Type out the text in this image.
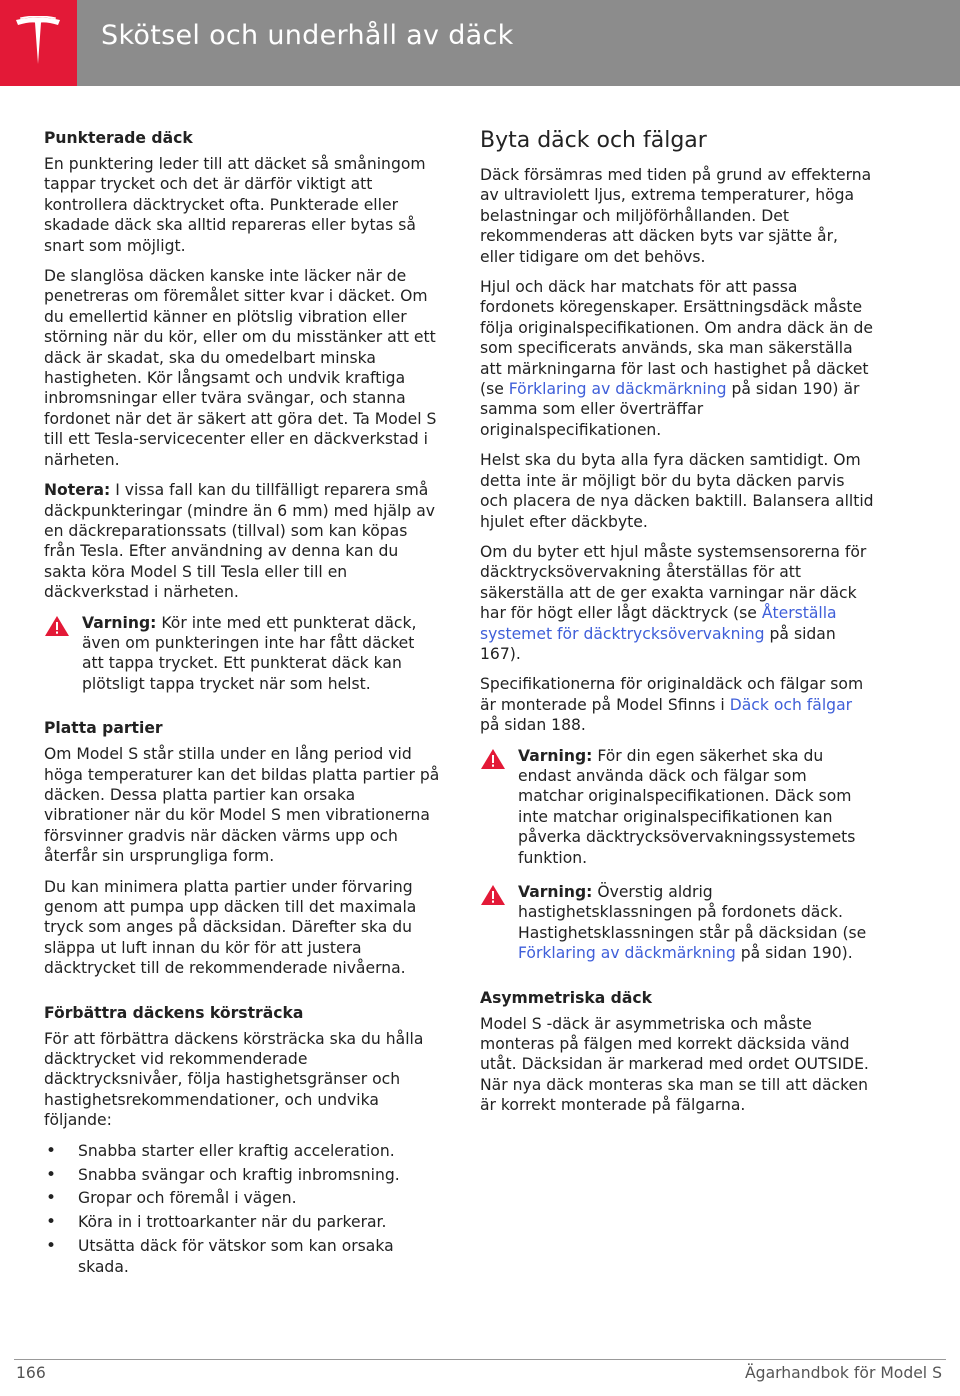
Skötsel och underhåll av däck
Punkterade däck

En punktering leder till att däcket så småningom tappar trycket och det är därför viktigt att kontrollera däcktrycket ofta. Punkterade eller skadade däck ska alltid repareras eller bytas så snart som möjligt.

De slanglösa däcken kanske inte läcker när de penetreras om föremålet sitter kvar i däcket. Om du emellertid känner en plötslig vibration eller störning när du kör, eller om du misstänker att ett däck är skadat, ska du omedelbart minska hastigheten. Kör långsamt och undvik kraftiga inbromsningar eller tvära svängar, och stanna fordonet när det är säkert att göra det. Ta Model S till ett Tesla-servicecenter eller en däckverkstad i närheten.

Notera: I vissa fall kan du tillfälligt reparera små däckpunkteringar (mindre än 6 mm) med hjälp av en däckreparationssats (tillval) som kan köpas från Tesla. Efter användning av denna kan du sakta köra Model S till Tesla eller till en däckverkstad i närheten.

Varning: Kör inte med ett punkterat däck, även om punkteringen inte har fått däcket att tappa trycket. Ett punkterat däck kan plötsligt tappa trycket när som helst.
Platta partier

Om Model S står stilla under en lång period vid höga temperaturer kan det bildas platta partier på däcken. Dessa platta partier kan orsaka vibrationer när du kör Model S men vibrationerna försvinner gradvis när däcken värms upp och återfår sin ursprungliga form.

Du kan minimera platta partier under förvaring genom att pumpa upp däcken till det maximala tryck som anges på däcksidan. Därefter ska du släppa ut luft innan du kör för att justera däcktrycket till de rekommenderade nivåerna.

Förbättra däckens körsträcka

För att förbättra däckens körsträcka ska du hålla däcktrycket vid rekommenderade däcktrycksnivåer, följa hastighetsgränser och hastighetsrekommendationer, och undvika följande:

• Snabba starter eller kraftig acceleration.
• Snabba svängar och kraftig inbromsning.
• Gropar och föremål i vägen.
• Köra in i trottoarkanter när du parkerar.
• Utsätta däck för vätskor som kan orsaka skada.
Byta däck och fälgar

Däck försämras med tiden på grund av effekterna av ultraviolett ljus, extrema temperaturer, höga belastningar och miljöförhållanden. Det rekommenderas att däcken byts var sjätte år, eller tidigare om det behövs.

Hjul och däck har matchats för att passa fordonets köregenskaper. Ersättningsdäck måste följa originalspecifikationen. Om andra däck än de som specificerats används, ska man säkerställa att märkningarna för last och hastighet på däcket (se Förklaring av däckmärkning på sidan 190) är samma som eller överträffar originalspecifikationen.

Helst ska du byta alla fyra däcken samtidigt. Om detta inte är möjligt bör du byta däcken parvis och placera de nya däcken baktill. Balansera alltid hjulet efter däckbyte.

Om du byter ett hjul måste systemsensorerna för däcktrycksövervakning återställas för att säkerställa att de ger exakta varningar när däck har för högt eller lågt däcktryck (se Återställa systemet för däcktrycksövervakning på sidan 167).

Specifikationerna för originaldäck och fälgar som är monterade på Model Sfinns i Däck och fälgar på sidan 188.

Varning: För din egen säkerhet ska du endast använda däck och fälgar som matchar originalspecifikationen. Däck som inte matchar originalspecifikationen kan påverka däcktrycksövervakningssystemets funktion.
Varning: Överstig aldrig hastighetsklassningen på fordonets däck. Hastighetsklassningen står på däcksidan (se Förklaring av däckmärkning på sidan 190).
Asymmetriska däck

Model S -däck är asymmetriska och måste monteras på fälgen med korrekt däcksida vänd utåt. Däcksidan är markerad med ordet OUTSIDE. När nya däck monteras ska man se till att däcken är korrekt monterade på fälgarna.

166	Ägarhandbok för Model S
